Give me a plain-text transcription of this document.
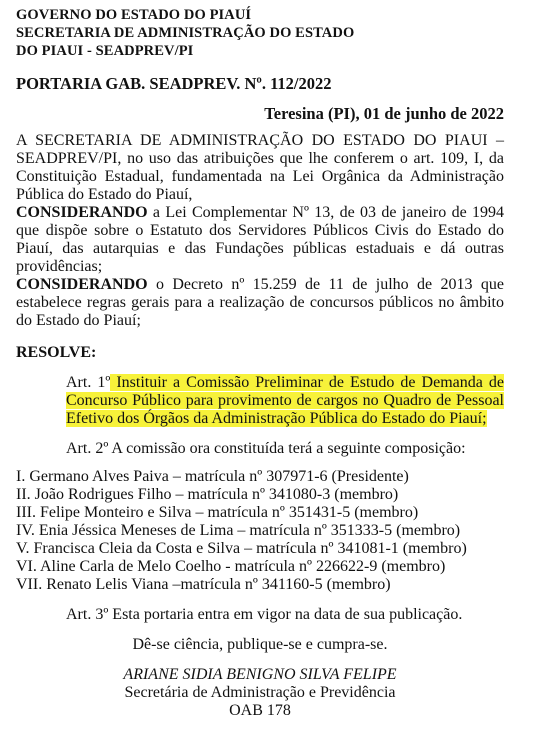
GOVERNO DO ESTADO DO PIAUÍ
SECRETARIA DE ADMINISTRAÇÃO DO ESTADO
DO PIAUI - SEADPREV/PI
PORTARIA GAB. SEADPREV. Nº. 112/2022
Teresina (PI), 01 de junho de 2022
A SECRETARIA DE ADMINISTRAÇÃO DO ESTADO DO PIAUI – SEADPREV/PI, no uso das atribuições que lhe conferem o art. 109, I, da Constituição Estadual, fundamentada na Lei Orgânica da Administração Pública do Estado do Piauí,
CONSIDERANDO a Lei Complementar Nº 13, de 03 de janeiro de 1994 que dispõe sobre o Estatuto dos Servidores Públicos Civis do Estado do Piauí, das autarquias e das Fundações públicas estaduais e dá outras providências;
CONSIDERANDO o Decreto nº 15.259 de 11 de julho de 2013 que estabelece regras gerais para a realização de concursos públicos no âmbito do Estado do Piauí;
RESOLVE:
Art. 1º Instituir a Comissão Preliminar de Estudo de Demanda de Concurso Público para provimento de cargos no Quadro de Pessoal Efetivo dos Órgãos da Administração Pública do Estado do Piauí;
Art. 2º A comissão ora constituída terá a seguinte composição:
I. Germano Alves Paiva – matrícula nº 307971-6 (Presidente)
II. João Rodrigues Filho – matrícula nº 341080-3 (membro)
III. Felipe Monteiro e Silva – matrícula nº 351431-5 (membro)
IV. Enia Jéssica Meneses de Lima – matrícula nº 351333-5 (membro)
V. Francisca Cleia da Costa e Silva – matrícula nº 341081-1 (membro)
VI. Aline Carla de Melo Coelho - matrícula nº 226622-9 (membro)
VII. Renato Lelis Viana –matrícula nº 341160-5 (membro)
Art. 3º Esta portaria entra em vigor na data de sua publicação.
Dê-se ciência, publique-se e cumpra-se.
ARIANE SIDIA BENIGNO SILVA FELIPE
Secretária de Administração e Previdência
OAB 178
